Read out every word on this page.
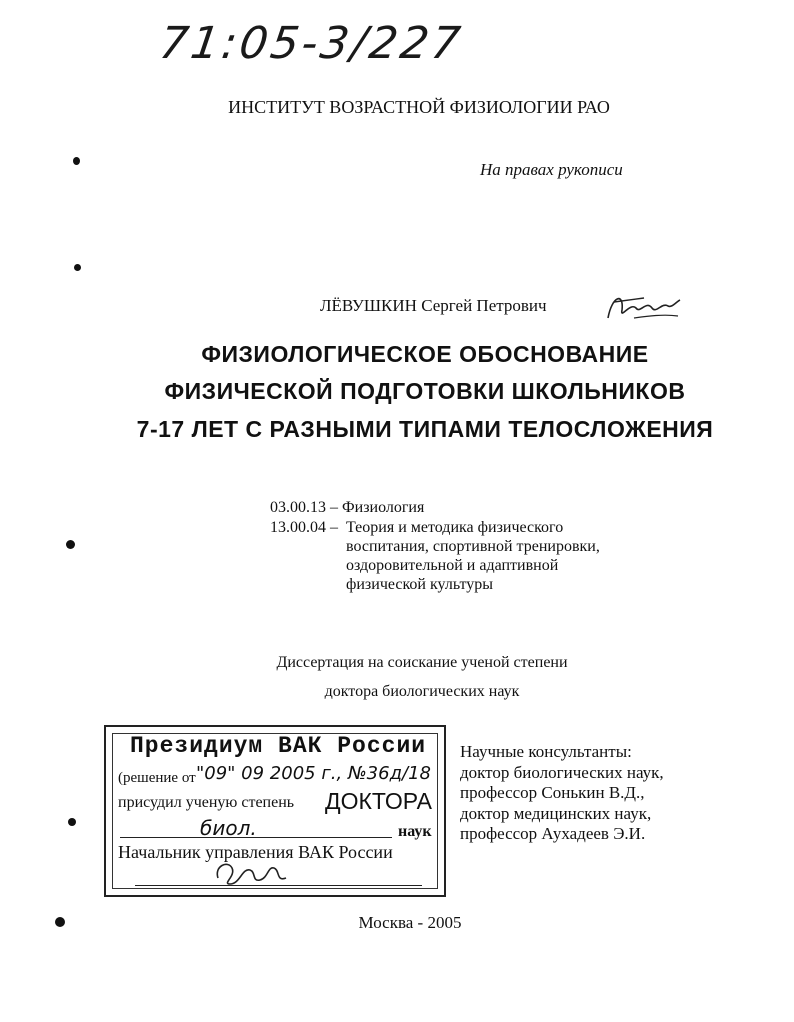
71:05-3/227
ИНСТИТУТ ВОЗРАСТНОЙ ФИЗИОЛОГИИ РАО
На правах рукописи
ЛЁВУШКИН Сергей Петрович
ФИЗИОЛОГИЧЕСКОЕ ОБОСНОВАНИЕ
ФИЗИЧЕСКОЙ ПОДГОТОВКИ ШКОЛЬНИКОВ
7-17 ЛЕТ С РАЗНЫМИ ТИПАМИ ТЕЛОСЛОЖЕНИЯ
03.00.13 – Физиология
13.00.04 – Теория и методика физического
воспитания, спортивной тренировки,
оздоровительной и адаптивной
физической культуры
Диссертация на соискание ученой степени
доктора биологических наук
Президиум ВАК России
(решение от "09" 09 2005 г., №36д/18
присудил ученую степень ДОКТОРА
биол.	наук
Начальник управления ВАК России
Научные консультанты:
доктор биологических наук,
профессор Сонькин В.Д.,
доктор медицинских наук,
профессор Аухадеев Э.И.
Москва - 2005
